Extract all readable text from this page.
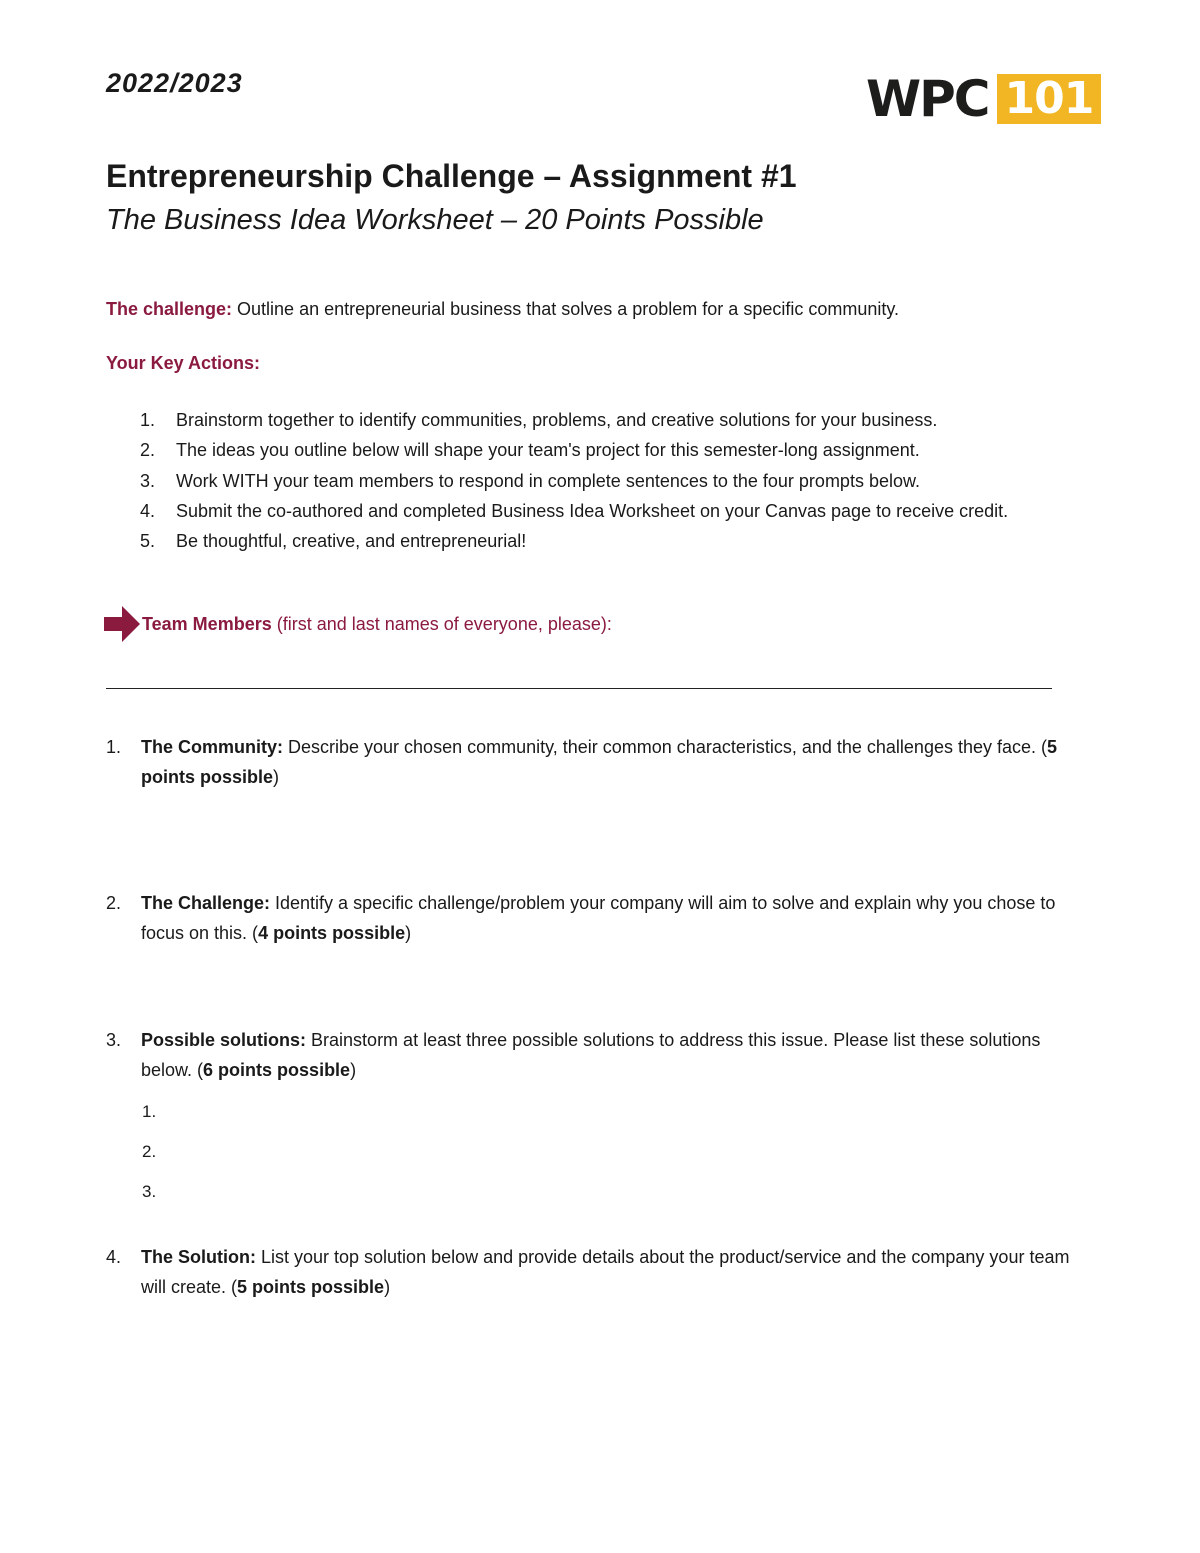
2022/2023	WPC 101
Entrepreneurship Challenge – Assignment #1
The Business Idea Worksheet – 20 Points Possible
The challenge: Outline an entrepreneurial business that solves a problem for a specific community.
Your Key Actions:
1.	Brainstorm together to identify communities, problems, and creative solutions for your business.
2.	The ideas you outline below will shape your team's project for this semester-long assignment.
3.	Work WITH your team members to respond in complete sentences to the four prompts below.
4.	Submit the co-authored and completed Business Idea Worksheet on your Canvas page to receive credit.
5.	Be thoughtful, creative, and entrepreneurial!
Team Members (first and last names of everyone, please):
1. The Community: Describe your chosen community, their common characteristics, and the challenges they face. (5 points possible)
2. The Challenge: Identify a specific challenge/problem your company will aim to solve and explain why you chose to focus on this. (4 points possible)
3. Possible solutions: Brainstorm at least three possible solutions to address this issue. Please list these solutions below. (6 points possible)
1.
2.
3.
4. The Solution: List your top solution below and provide details about the product/service and the company your team will create. (5 points possible)
